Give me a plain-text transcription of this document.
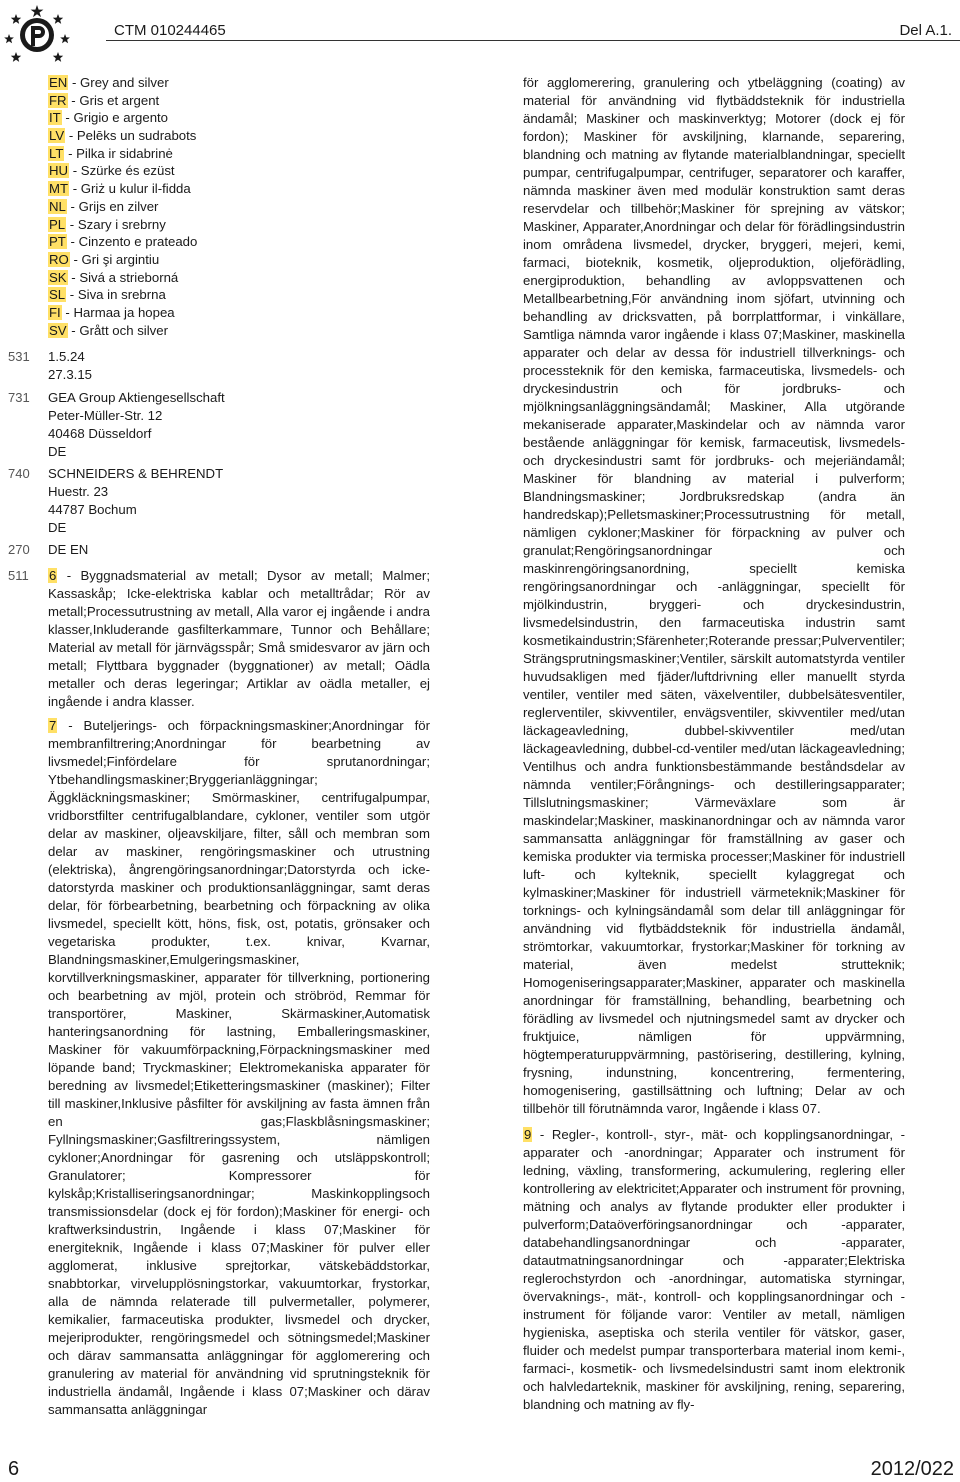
CTM 010244465	Del A.1.
EN - Grey and silver
FR - Gris et argent
IT - Grigio e argento
LV - Pelēks un sudrabots
LT - Pilka ir sidabrinė
HU - Szürke és ezüst
MT - Griż u kulur il-fidda
NL - Grijs en zilver
PL - Szary i srebrny
PT - Cinzento e prateado
RO - Gri şi argintiu
SK - Sivá a strieborná
SL - Siva in srebrna
FI - Harmaa ja hopea
SV - Grått och silver
531	1.5.24
27.3.15
731	GEA Group Aktiengesellschaft
Peter-Müller-Str. 12
40468 Düsseldorf
DE
740	SCHNEIDERS & BEHRENDT
Huestr. 23
44787 Bochum
DE
270	DE EN
511	6 - Byggnadsmaterial av metall; Dysor av metall; Malmer; Kassaskåp; Icke-elektriska kablar och metalltrådar; Rör av metall;Processutrustning av metall, Alla varor ej ingående i andra klasser,Inkluderande gasfilterkammare, Tunnor och Behållare; Material av metall för järnvägsspår; Små smidesvaror av järn och metall; Flyttbara byggnader (byggnationer) av metall; Oädla metaller och deras legeringar; Artiklar av oädla metaller, ej ingående i andra klasser.

7 - Buteljerings- och förpackningsmaskiner;Anordningar för membranfiltrering;Anordningar för bearbetning av livsmedel;Finfördelare för sprutanordningar; Ytbehandlingsmaskiner;Bryggerianläggningar; Äggkläckningsmaskiner; Smörmaskiner, centrifugalpumpar, vridborstfilter centrifugalblandare, cykloner, ventiler som utgör delar av maskiner, oljeavskiljare, filter, såll och membran som delar av maskiner, rengöringsmaskiner och utrustning (elektriska), ångrengöringsanordningar;Datorstyrda och icke-datorstyrda maskiner och produktionsanläggningar, samt deras delar, för förbearbetning, bearbetning och förpackning av olika livsmedel, speciellt kött, höns, fisk, ost, potatis, grönsaker och vegetariska produkter, t.ex. knivar, Kvarnar, Blandningsmaskiner,Emulgeringsmaskiner, korvtillverkningsmaskiner, apparater för tillverkning, portionering och bearbetning av mjöl, protein och ströbröd, Remmar för transportörer, Maskiner, Skärmaskiner,Automatisk hanteringsanordning för lastning, Emballeringsmaskiner, Maskiner för vakuumförpackning,Förpackningsmaskiner med löpande band; Tryckmaskiner; Elektromekaniska apparater för beredning av livsmedel;Etiketteringsmaskiner (maskiner); Filter till maskiner,Inklusive påsfilter för avskiljning av fasta ämnen från en gas;Flaskblåsningsmaskiner; Fyllningsmaskiner;Gasfiltreringssystem, nämligen cykloner;Anordningar för gasrening och utsläppskontroll; Granulatorer; Kompressorer för kylskåp;Kristalliseringsanordningar; Maskinkopplingsoch transmissionsdelar (dock ej för fordon);Maskiner för energi- och kraftwerksindustrin, Ingående i klass 07;Maskiner för energiteknik, Ingående i klass 07;Maskiner för pulver eller agglomerat, inklusive sprejtorkar, vätskebäddstorkar, snabbtorkar, virvelupplösningstorkar, vakuumtorkar, frystorkar, alla de nämnda relaterade till pulvermetaller, polymerer, kemikalier, farmaceutiska produkter, livsmedel och drycker, mejeriprodukter, rengöringsmedel och sötningsmedel;Maskiner och därav sammansatta anläggningar för agglomerering och granulering av material för användning vid sprutningsteknik för industriella ändamål, Ingående i klass 07;Maskiner och därav sammansatta anläggningar

för agglomerering, granulering och ytbeläggning (coating) av material för användning vid flytbäddsteknik för industriella ändamål; Maskiner och maskinverktyg; Motorer (dock ej för fordon); Maskiner för avskiljning, klarnande, separering, blandning och matning av flytande materialblandningar, speciellt pumpar, centrifugalpumpar, centrifuger, separatorer och karaffer, nämnda maskiner även med modulär konstruktion samt deras reservdelar och tillbehör;Maskiner för sprejning av vätskor; Maskiner, Apparater,Anordningar och delar för förädlingsindustrin inom områdena livsmedel, drycker, bryggeri, mejeri, kemi, farmaci, bioteknik, kosmetik, oljeproduktion, oljeförädling, energiproduktion, behandling av avloppsvattenen och Metallbearbetning,För användning inom sjöfart, utvinning och behandling av dricksvatten, på borrplattformar, i vinkällare, Samtliga nämnda varor ingående i klass 07;Maskiner, maskinella apparater och delar av dessa för industriell tillverknings- och processteknik för den kemiska, farmaceutiska, livsmedels- och dryckesindustrin och för jordbruks- och mjölkningsanläggningsändamål; Maskiner, Alla utgörande mekaniserade apparater,Maskindelar och av nämnda varor bestående anläggningar för kemisk, farmaceutisk, livsmedels- och dryckesindustri samt för jordbruks- och mejeriändamål; Maskiner för blandning av material i pulverform; Blandningsmaskiner; Jordbruksredskap (andra än handredskap);Pelletsmaskiner;Processutrustning för metall, nämligen cykloner;Maskiner för förpackning av pulver och granulat;Rengöringsanordningar och maskinrengöringsanordning, speciellt kemiska rengöringsanordningar och -anläggningar, speciellt för mjölkindustrin, bryggeri- och dryckesindustrin, livsmedelsindustrin, den farmaceutiska industrin samt kosmetikaindustrin;Sfärenheter;Roterande pressar;Pulverventiler; Strängsprutningsmaskiner;Ventiler, särskilt automatstyrda ventiler huvudsakligen med fjäder/luftdrivning eller manuellt styrda ventiler, ventiler med säten, växelventiler, dubbelsätesventiler, reglerventiler, skivventiler, envägsventiler, skivventiler med/utan läckageavledning, dubbel-skivventiler med/utan läckageavledning, dubbel-cd-ventiler med/utan läckageavledning; Ventilhus och andra funktionsbestämmande beståndsdelar av nämnda ventiler;Förångnings- och destilleringsapparater; Tillslutningsmaskiner; Värmeväxlare som är maskindelar;Maskiner, maskinanordningar och av nämnda varor sammansatta anläggningar för framställning av gaser och kemiska produkter via termiska processer;Maskiner för industriell luft- och kylteknik, speciellt kylaggregat och kylmaskiner;Maskiner för industriell värmeteknik;Maskiner för torknings- och kylningsändamål som delar till anläggningar för användning vid flytbäddsteknik för industriella ändamål, strömtorkar, vakuumtorkar, frystorkar;Maskiner för torkning av material, även medelst strutteknik; Homogeniseringsapparater;Maskiner, apparater och maskinella anordningar för framställning, behandling, bearbetning och förädling av livsmedel och njutningsmedel samt av drycker och fruktjuice, nämligen för uppvärmning, högtemperaturuppvärmning, pastörisering, destillering, kylning, frysning, indunstning, koncentrering, fermentering, homogenisering, gastillsättning och luftning; Delar av och tillbehör till förutnämnda varor, Ingående i klass 07.

9 - Regler-, kontroll-, styr-, mät- och kopplingsanordningar, -apparater och -anordningar; Apparater och instrument för ledning, växling, transformering, ackumulering, reglering eller kontrollering av elektricitet;Apparater och instrument för provning, mätning och analys av flytande produkter eller produkter i pulverform;Dataöverföringsanordningar och -apparater, databehandlingsanordningar och -apparater, datautmatningsanordningar och -apparater;Elektriska reglerochstyrdon och -anordningar, automatiska styrningar, övervaknings-, mät-, kontroll- och kopplingsanordningar och -instrument för följande varor: Ventiler av metall, nämligen hygieniska, aseptiska och sterila ventiler för vätskor, gaser, fluider och medelst pumpar transporterbara material inom kemi-, farmaci-, kosmetik- och livsmedelsindustri samt inom elektronik och halvledarteknik, maskiner för avskiljning, rening, separering, blandning och matning av fly-

6	2012/022
